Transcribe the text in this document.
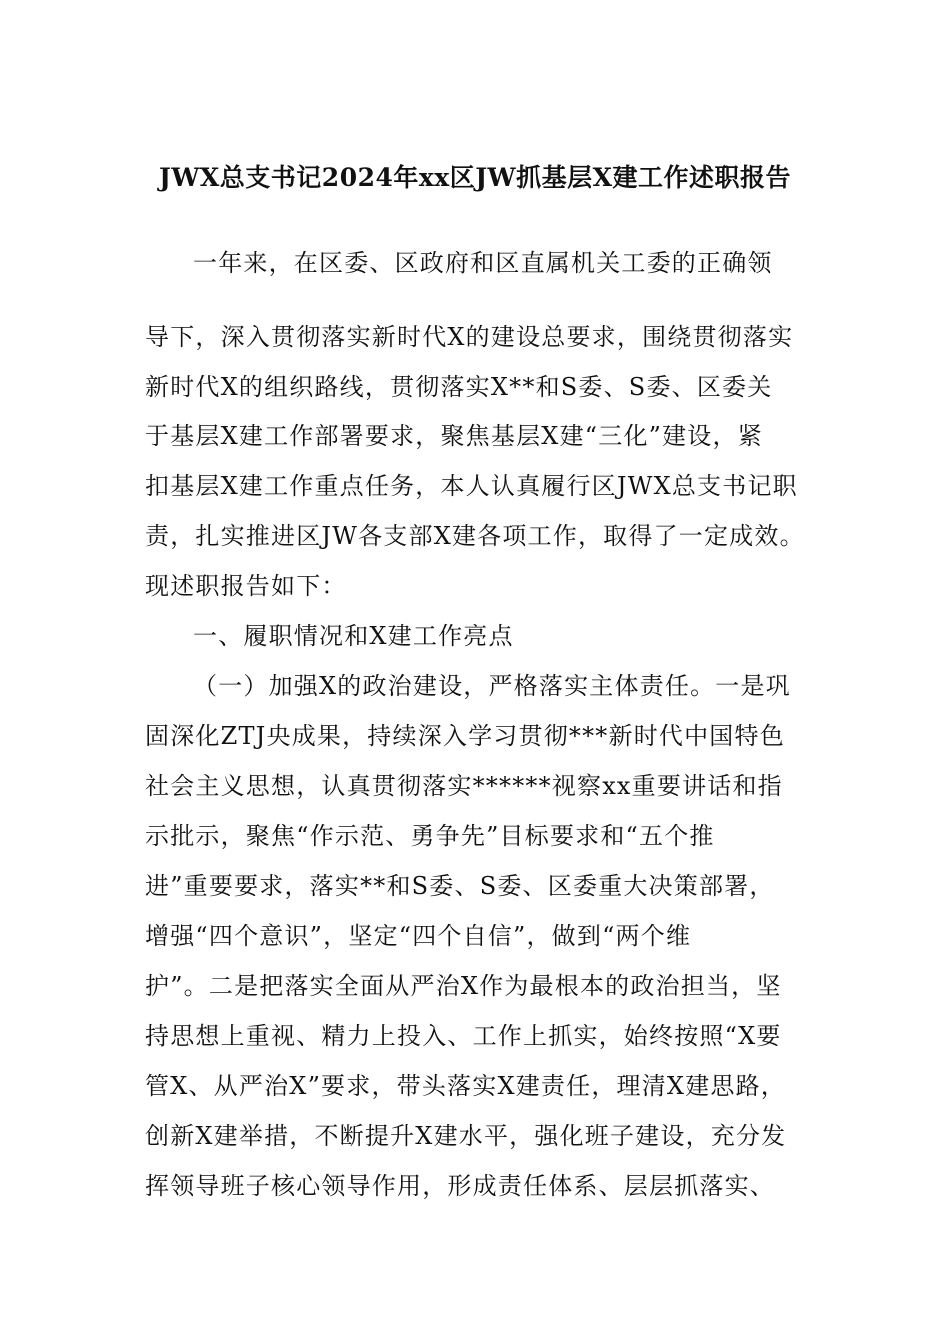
JWX总支书记2024年xx区JW抓基层X建工作述职报告
一年来，在区委、区政府和区直属机关工委的正确领
导下，深入贯彻落实新时代X的建设总要求，围绕贯彻落实
新时代X的组织路线，贯彻落实X**和S委、S委、区委关
于基层X建工作部署要求，聚焦基层X建“三化”建设，紧
扣基层X建工作重点任务，本人认真履行区JWX总支书记职
责，扎实推进区JW各支部X建各项工作，取得了一定成效。
现述职报告如下：
一、履职情况和X建工作亮点
（一）加强X的政治建设，严格落实主体责任。一是巩
固深化ZTJ央成果，持续深入学习贯彻***新时代中国特色
社会主义思想，认真贯彻落实******视察xx重要讲话和指
示批示，聚焦“作示范、勇争先”目标要求和“五个推
进”重要要求，落实**和S委、S委、区委重大决策部署，
增强“四个意识”，坚定“四个自信”，做到“两个维
护”。二是把落实全面从严治X作为最根本的政治担当，坚
持思想上重视、精力上投入、工作上抓实，始终按照“X要
管X、从严治X”要求，带头落实X建责任，理清X建思路，
创新X建举措，不断提升X建水平，强化班子建设，充分发
挥领导班子核心领导作用，形成责任体系、层层抓落实、
